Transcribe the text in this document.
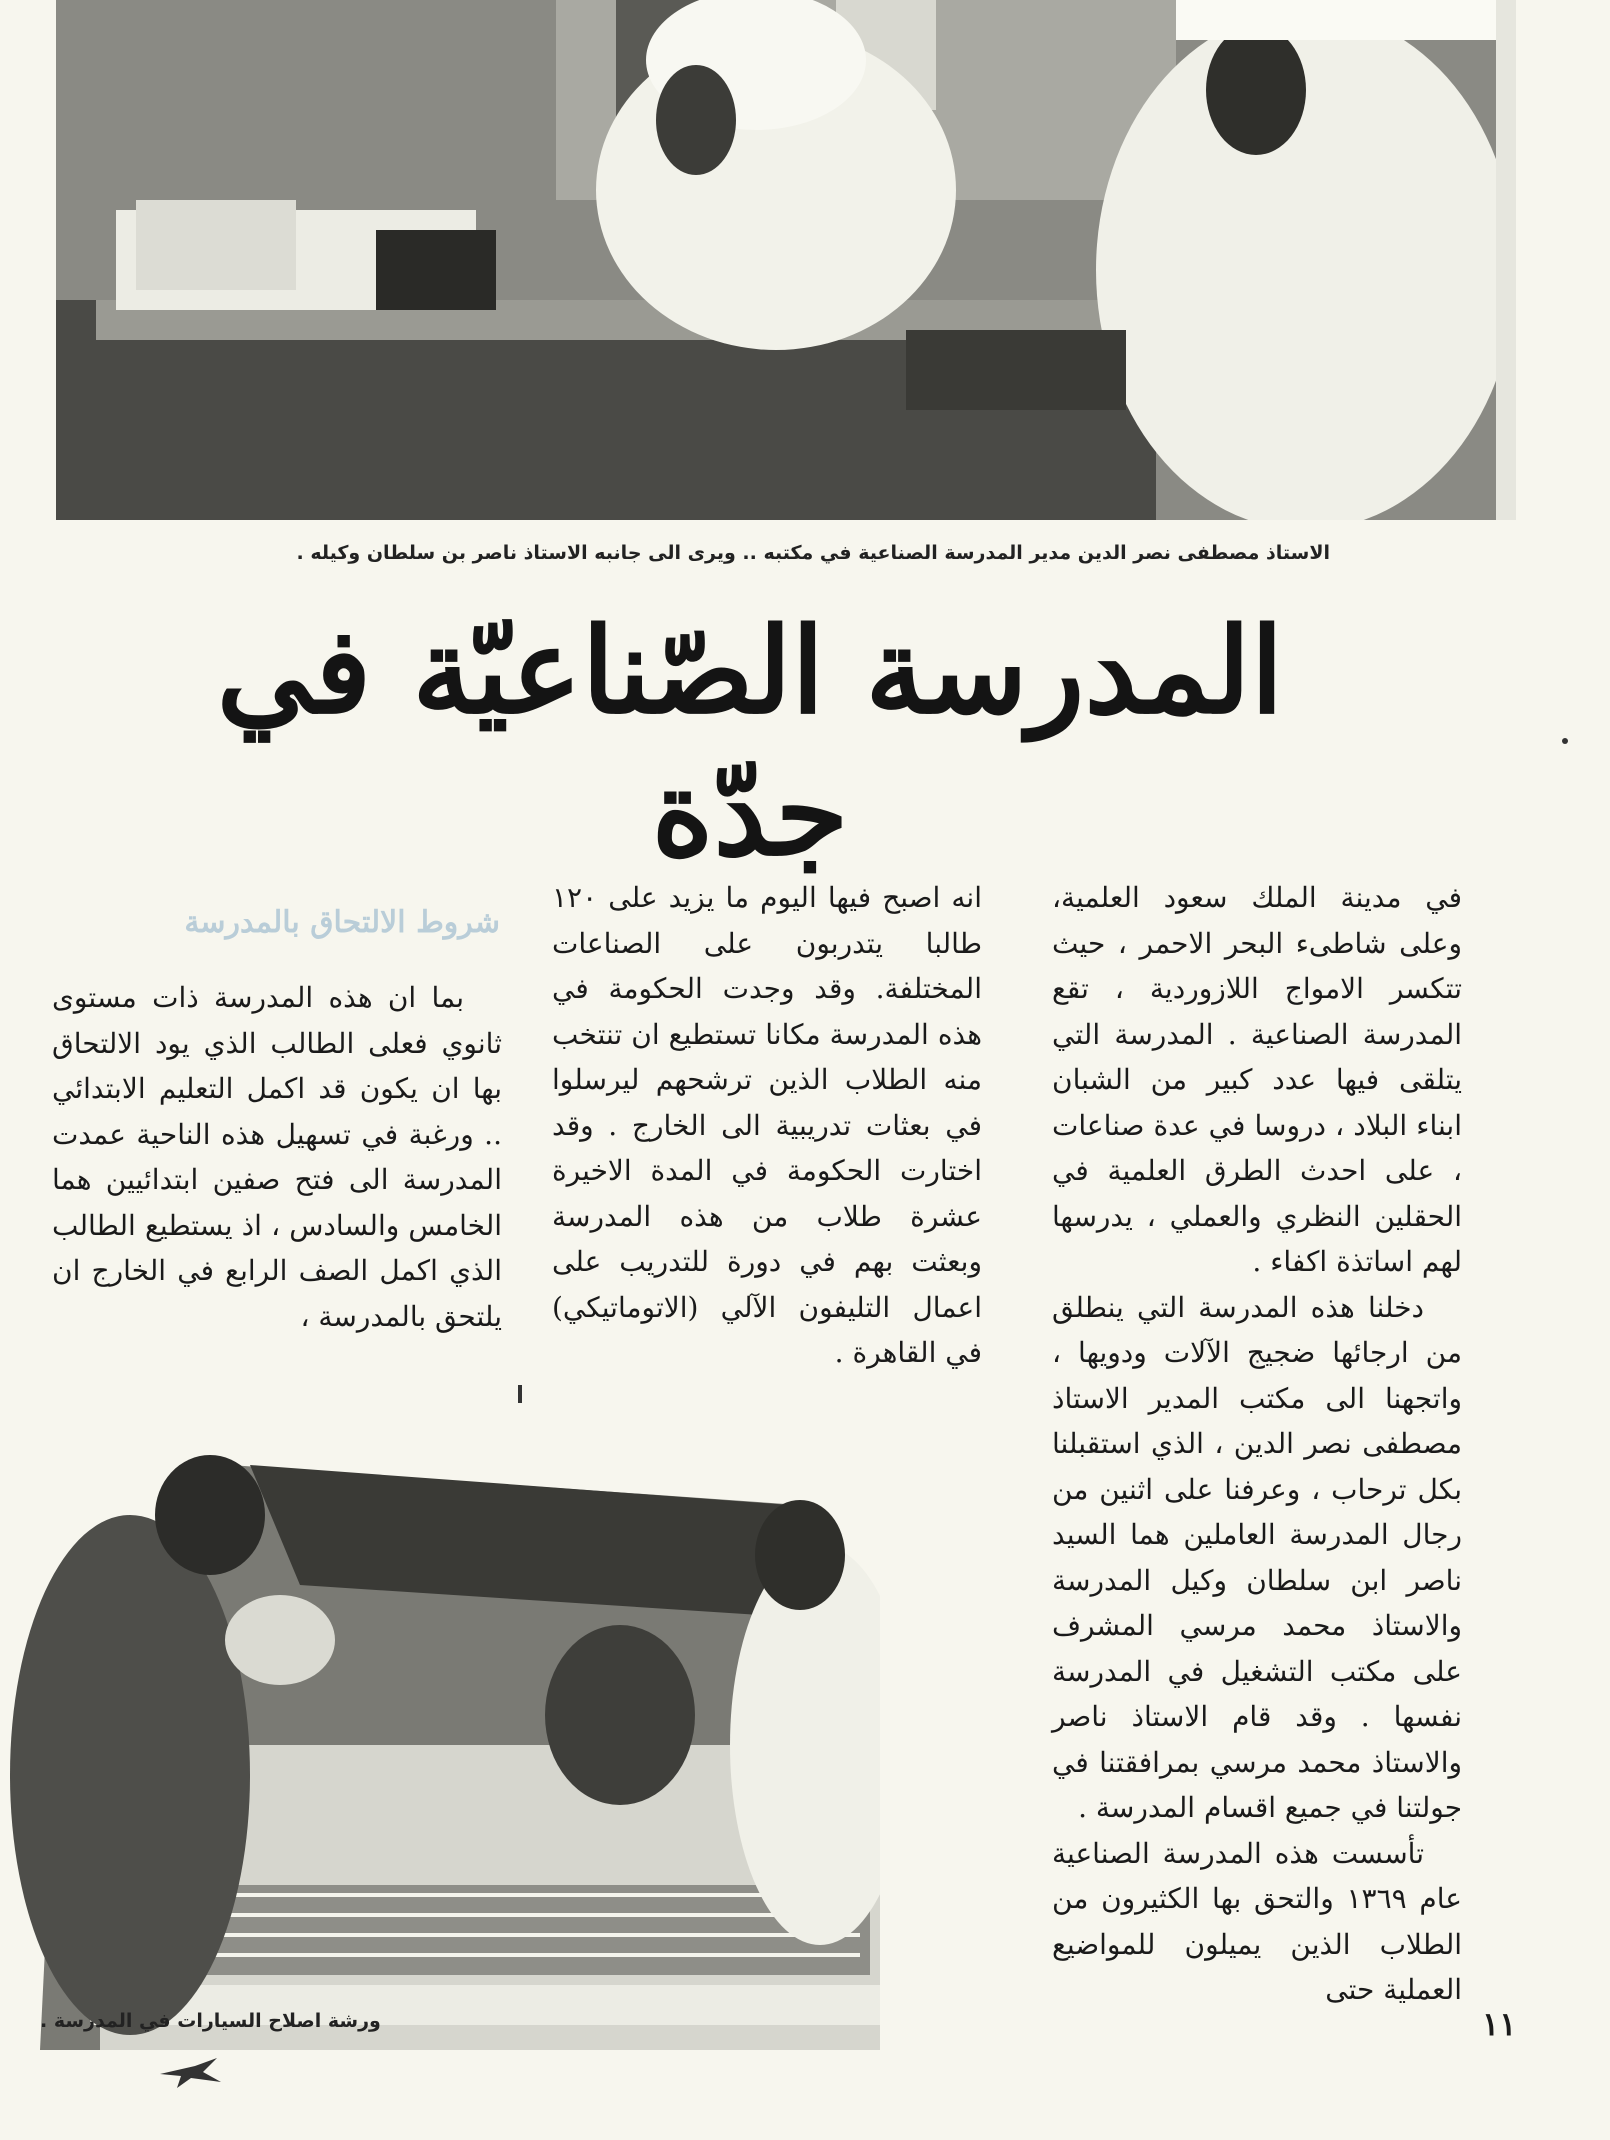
الاستاذ مصطفى نصر الدين مدير المدرسة الصناعية في مكتبه .. ويرى الى جانبه الاستاذ ناصر بن سلطان وكيله .
المدرسة الصّناعيّة في جدّة

في مدينة الملك سعود العلمية، وعلى شاطىء البحر الاحمر ، حيث تتكسر الامواج اللازوردية ، تقع المدرسة الصناعية . المدرسة التي يتلقى فيها عدد كبير من الشبان ابناء البلاد ، دروسا في عدة صناعات ، على احدث الطرق العلمية في الحقلين النظري والعملي ، يدرسها لهم اساتذة اكفاء .

دخلنا هذه المدرسة التي ينطلق من ارجائها ضجيج الآلات ودويها ، واتجهنا الى مكتب المدير الاستاذ مصطفى نصر الدين ، الذي استقبلنا بكل ترحاب ، وعرفنا على اثنين من رجال المدرسة العاملين هما السيد ناصر ابن سلطان وكيل المدرسة والاستاذ محمد مرسي المشرف على مكتب التشغيل في المدرسة نفسها . وقد قام الاستاذ ناصر والاستاذ محمد مرسي بمرافقتنا في جولتنا في جميع اقسام المدرسة .

تأسست هذه المدرسة الصناعية عام ١٣٦٩ والتحق بها الكثيرون من الطلاب الذين يميلون للمواضيع العملية حتى

انه اصبح فيها اليوم ما يزيد على ١٢٠ طالبا يتدربون على الصناعات المختلفة. وقد وجدت الحكومة في هذه المدرسة مكانا تستطيع ان تنتخب منه الطلاب الذين ترشحهم ليرسلوا في بعثات تدريبية الى الخارج . وقد اختارت الحكومة في المدة الاخيرة عشرة طلاب من هذه المدرسة وبعثت بهم في دورة للتدريب على اعمال التليفون الآلي (الاتوماتيكي) في القاهرة .

شروط الالتحاق بالمدرسة

بما ان هذه المدرسة ذات مستوى ثانوي فعلى الطالب الذي يود الالتحاق بها ان يكون قد اكمل التعليم الابتدائي .. ورغبة في تسهيل هذه الناحية عمدت المدرسة الى فتح صفين ابتدائيين هما الخامس والسادس ، اذ يستطيع الطالب الذي اكمل الصف الرابع في الخارج ان يلتحق بالمدرسة ،

ورشة اصلاح السيارات في المدرسة .	١١
